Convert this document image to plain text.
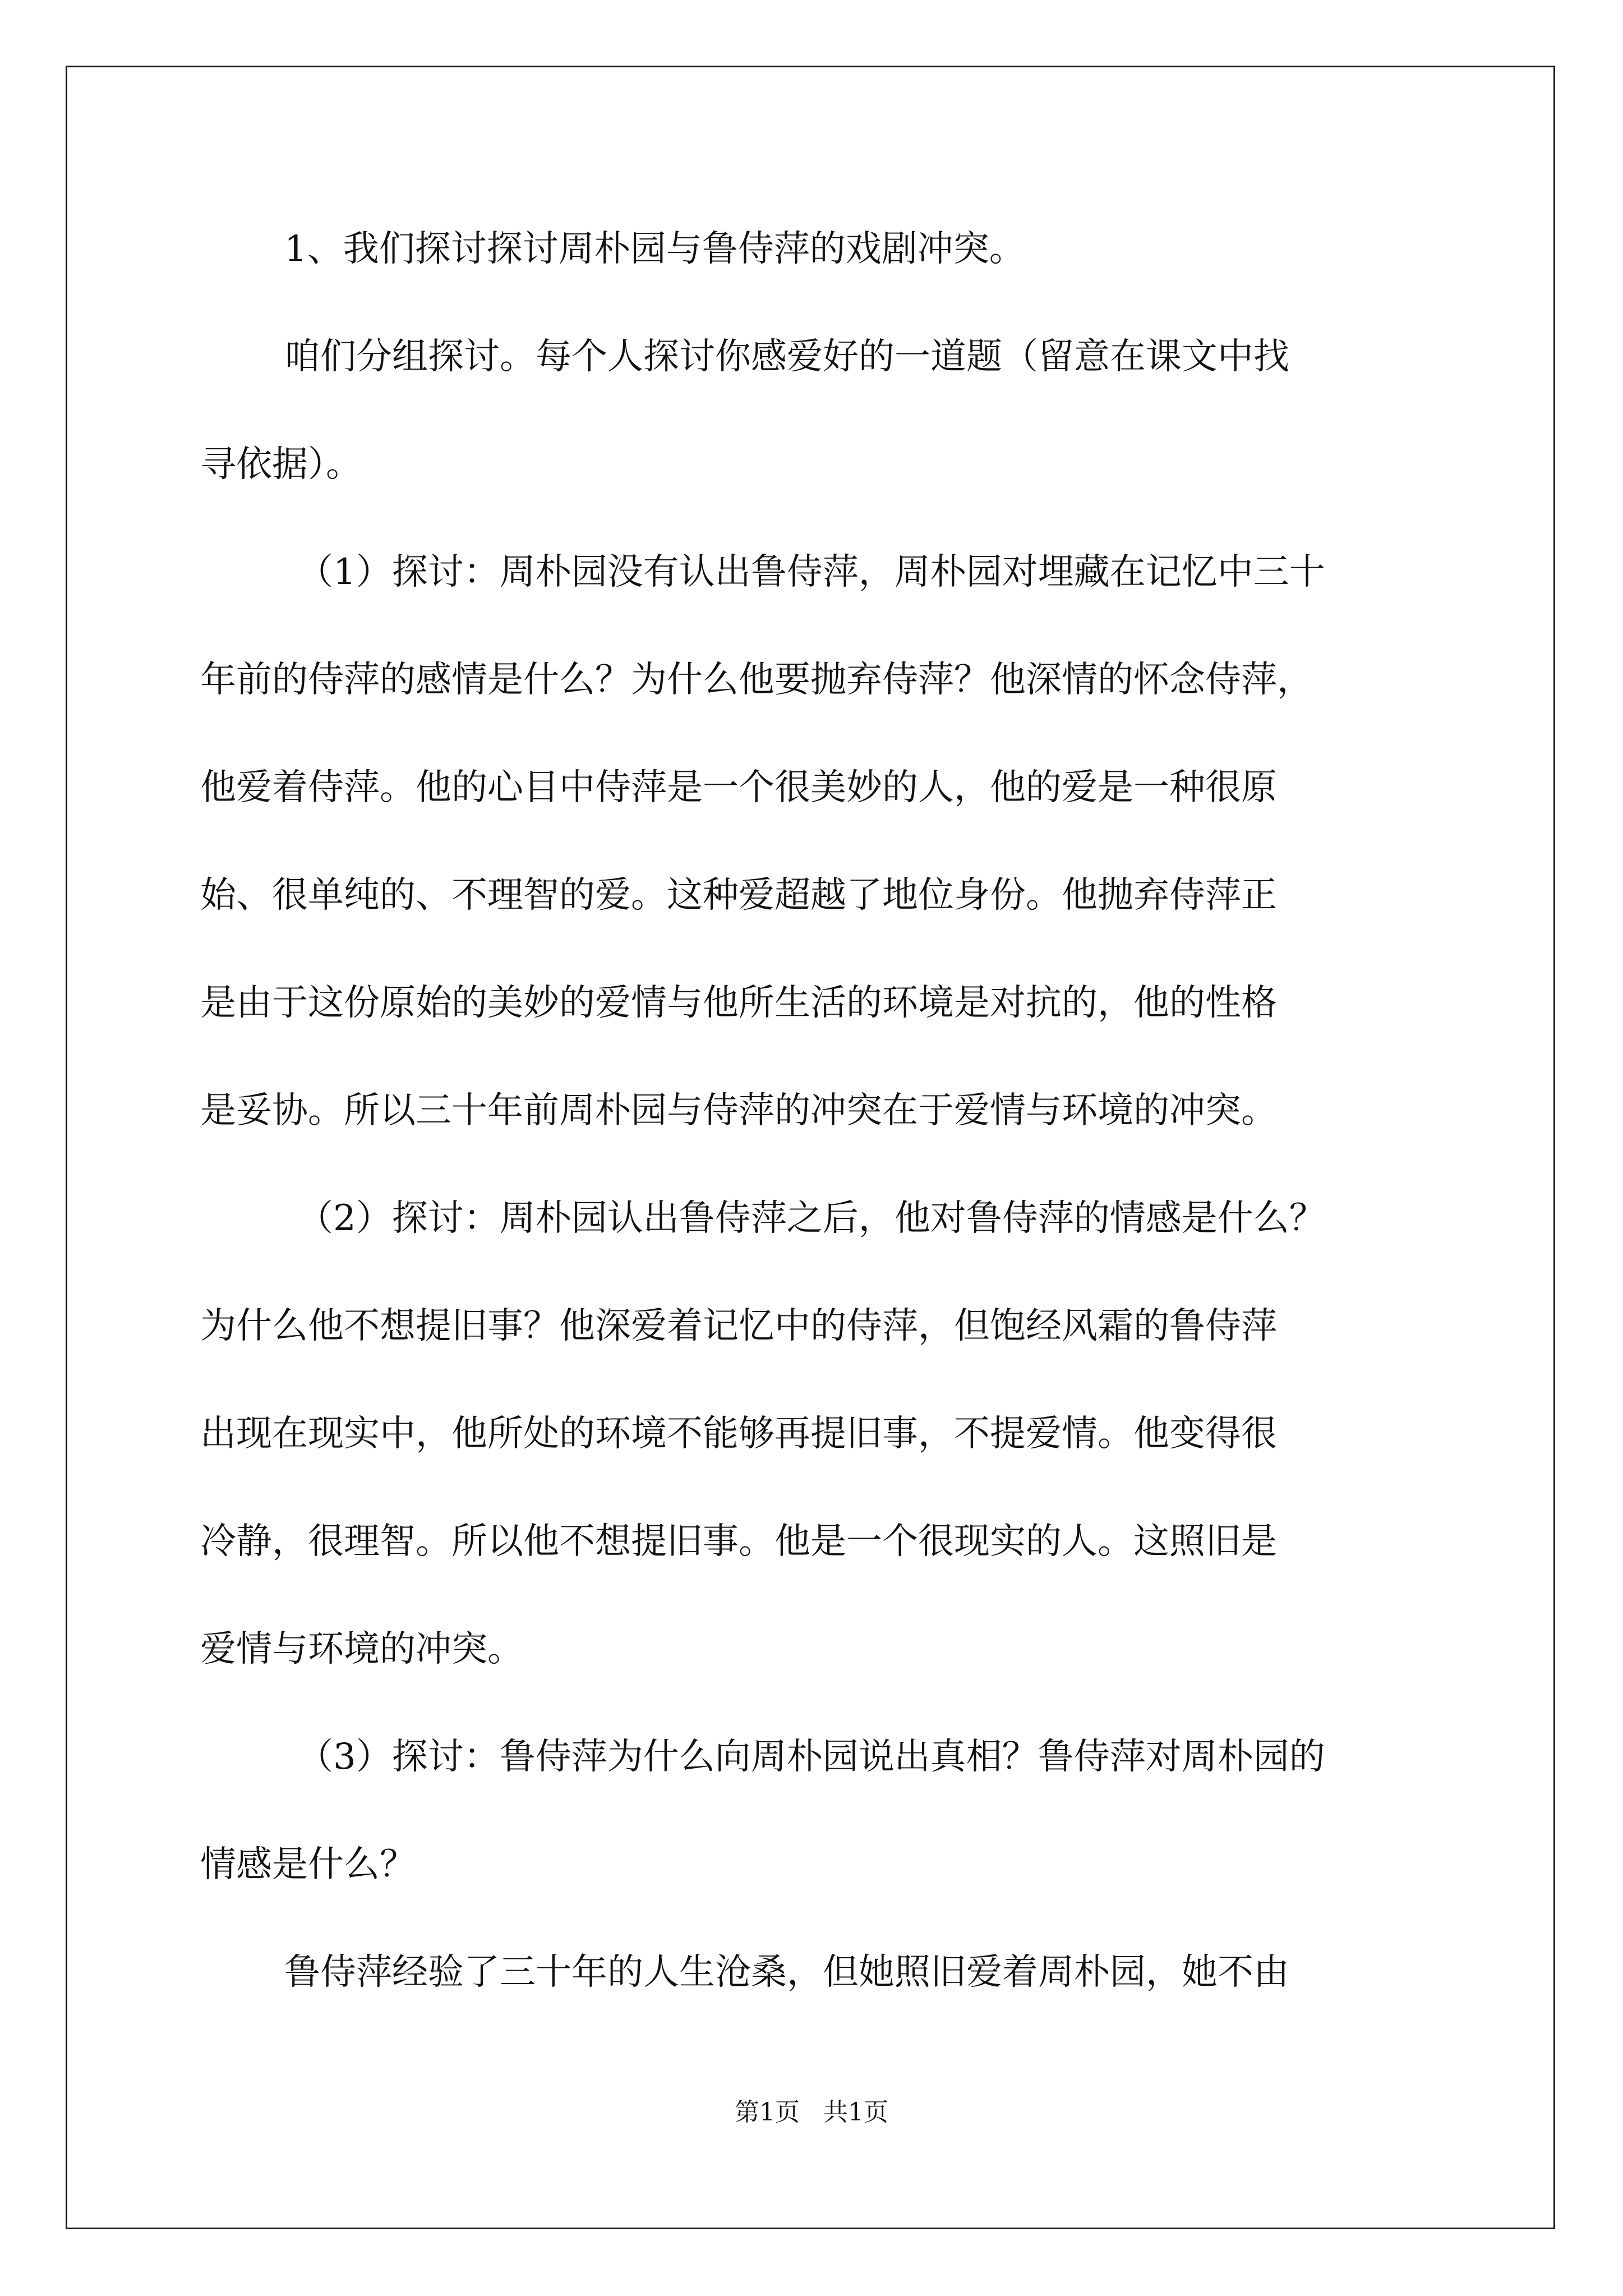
1、我们探讨探讨周朴园与鲁侍萍的戏剧冲突。
咱们分组探讨。每个人探讨你感爱好的一道题（留意在课文中找
寻依据）。
（1）探讨：周朴园没有认出鲁侍萍，周朴园对埋藏在记忆中三十
年前的侍萍的感情是什么？为什么他要抛弃侍萍？他深情的怀念侍萍，
他爱着侍萍。他的心目中侍萍是一个很美妙的人，他的爱是一种很原
始、很单纯的、不理智的爱。这种爱超越了地位身份。他抛弃侍萍正
是由于这份原始的美妙的爱情与他所生活的环境是对抗的，他的性格
是妥协。所以三十年前周朴园与侍萍的冲突在于爱情与环境的冲突。
（2）探讨：周朴园认出鲁侍萍之后，他对鲁侍萍的情感是什么？
为什么他不想提旧事？他深爱着记忆中的侍萍，但饱经风霜的鲁侍萍
出现在现实中，他所处的环境不能够再提旧事，不提爱情。他变得很
冷静，很理智。所以他不想提旧事。他是一个很现实的人。这照旧是
爱情与环境的冲突。
（3）探讨：鲁侍萍为什么向周朴园说出真相？鲁侍萍对周朴园的
情感是什么？
鲁侍萍经验了三十年的人生沧桑，但她照旧爱着周朴园，她不由
第1页   共1页
